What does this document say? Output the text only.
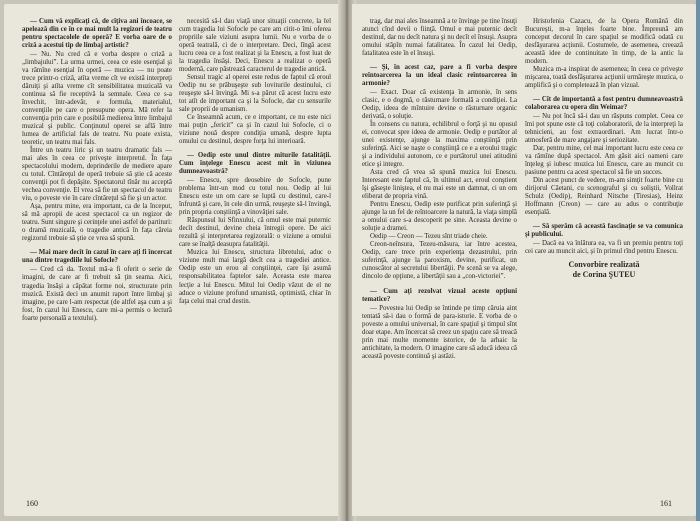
— Cum vă explicaţi că, de cîţiva ani încoace, se apelează din ce în ce mai mult la regizori de teatru pentru spectacolele de operă? E vorba oare de o criză a acestui tip de limbaj artistic?

— Nu. Nu cred că e vorba despre o criză a „limbajului”. La urma urmei, ceea ce este esenţial şi va rămîne esenţial în operă — muzica — nu poate trece printr-o criză, atîta vreme cît ve există interpreţi dăruiţi şi atîta vreme cît sensibilitatea muzicală va continua să fie receptivă la semnale. Ceea ce s-a învechit, într-adevăr, e formula, materialul, convenţiile pe care o presupune opera. Mă refer la convenţia prin care e posibilă medierea între limbajul muzical şi public. Conţinutul operei se află între lumea de artificial fals de teatru. Nu poate exista, teoretic, un teatru mai fals.

Între un teatru liric şi un teatru dramatic fals — mai ales în ceea ce priveşte interpretul. În faţa spectacolului modern, deprinderile de mediere apare cu totul. Cîntăreţul de operă trebuie să ştie că aceste convenţii pot fi depăşite. Spectatorul tînăr nu acceptă vechea convenţie. El vrea să fie un spectacol de teatru viu, o poveste vie în care cîntăreţul să fie şi un actor.

Aşa, pentru mine, era important, ca de la început, să mă apropii de acest spectacol ca un regizor de teatru. Sunt singure şi cerinţele unei astfel de partituri: o dramă muzicală, o tragedie antică în faţa căreia regizorul trebuie să ştie ce vrea să spună.

— Mai mare decît în cazul în care aţi fi încercat una dintre tragediile lui Sofocle?

— Cred că da. Textul mă-a fi oferit o serie de imagini, de care ar fi trebuit să ţin seama. Aici, tragedia însăşi a căpătat forme noi, structurate prin muzică. Există deci un anumit raport între limbaj şi imagine, pe care l-am respectat (de altfel aşa cum a şi fost, în cazul lui Enescu, care mi-a permis o lectură foarte personală a textului).

necesită să-l dau viaţă unor situaţii concrete, la fel cum tragedia lui Sofocle pe care am citit-o îmi oferea propriile sale viziuni asupra lumii. Nu e vorba de o operă teatrală, ci de o interpretare. Deci, lîngă acest lucru ceea ce a fost realizat şi la Enescu, a fost luat de la tragedia însăşi. Deci, Enescu a realizat o operă modernă, care păstrează caracterul de tragedie antică.

Sensul tragic al operei este redus de faptul că eroul Oedip nu se prăbuşeşte sub loviturile destinului, ci reuşeşte să-l învingă. Mi s-a părut că acest lucru este tot atît de important ca şi la Sofocle, dar cu sensurile sale proprii de umanism.

Ce înseamnă acum, ce e important, ce nu este nici mai puţin „fericit” ca şi în cazul lui Sofocle, ci o viziune nouă despre condiţia umană, despre lupta omului cu destinul, despre forţa lui interioară.

— Oedip este unul dintre miturile fatalităţii. Cum înţelege Enescu acest mit în viziunea dumneavoastră?

— Enescu, spre deosebire de Sofocle, pune problema într-un mod cu totul nou. Oedip al lui Enescu este un om care se luptă cu destinul, care-l înfruntă şi care, în cele din urmă, reuşeşte să-l învingă, prin propria conştiinţă a vinovăţiei sale.

Răspunsul lui Sfinxului, că omul este mai puternic decît destinul, devine cheia întregii opere. De aici rezultă şi interpretarea regizorală: o viziune a omului care se înalţă deasupra fatalităţii.

Muzica lui Enescu, structura libretului, aduc o viziune mult mai largă decît cea a tragediei antice. Oedip este un erou al conştiinţei, care îşi asumă responsabilitatea faptelor sale. Aceasta este marea lecţie a lui Enescu. Mitul lui Oedip văzut de el ne aduce o viziune profund umanistă, optimistă, chiar în faţa celui mai crud destin.

160

trag, dar mai ales înseamnă a te învinge pe tine însuţi atunci cînd devii o fiinţă. Omul e mai puternic decît destinul, dar nu decît natura şi nu decît el însuşi. Asupra omului stăpîn numai fatalitatea. În cazul lui Oedip, fatalitatea este în el însuşi.

— Şi, în acest caz, pare a fi vorba despre reîntoarcerea la un ideal clasic reîntoarcerea în armonie?

— Exact. Doar că existenţa în armonie, în sens clasic, e o dogmă, o răsturnare formală a condiţiei. La Oedip, ideea de mîntuire devine o răsturnare organic derivată, o soluţie.

În consens cu natura, echilibrul o forţă şi nu opusul ei, convocat spre ideea de armonie. Oedip e purtător al unei existenţe, ajunge la maxima conştiinţă prin suferinţă. Aici se naşte o conştiinţă ce e a eroului tragic şi a individului autonom, ce e purtătorul unei atitudini etice şi integre.

Asta cred că vrea să spună muzica lui Enescu. Interesant este faptul că, în ultimul act, eroul conştient îşi găseşte liniştea, el nu mai este un damnat, ci un om eliberat de propria vină.

Pentru Enescu, Oedip este purificat prin suferinţă şi ajunge la un fel de reîntoarcere la natură, la viaţa simplă a omului care s-a descoperit pe sine. Aceasta devine o soluţie a dramei.

Oedip — Creon — Tezeu sînt triade cheie.

Creon-neînsura, Tezeu-măsura, iar între acestea, Oedip, care trece prin experienţa dezastrului, prin suferinţă, ajunge la paroxism, devine, purificat, un cunoscător al secretului libertăţii. Pe scenă se va alege, dincolo de opţiune, a libertăţii sau a „con-victoriei”.

— Cum aţi rezolvat vizual aceste opţiuni tematice?

— Povestea lui Oedip se întinde pe timp căruia aint tentată să-i dau o formă de para-istorie. E vorba de o poveste a omului universal, în care spaţiul şi timpul sînt doar etape. Am încercat să creez un spaţiu care să treacă prin mai multe momente istorice, de la arhaic la antichitate, la modern. O imagine care să aducă ideea că această poveste continuă şi astăzi.

Hristofenia Cazacu, de la Opera Română din Bucureşti, m-a înţeles foarte bine. Împreună am conceput decorul în care spaţiul se modifică odată cu desfăşurarea acţiunii. Costumele, de asemenea, creează această idee de continuitate în timp, de la antic la modern.

Muzica m-a inspirat de asemenea; în ceea ce priveşte mişcarea, toată desfăşurarea acţiunii urmăreşte muzica, o amplifică şi o completează în plan vizual.

— Cît de importantă a fost pentru dumneavoastră colaborarea cu opera din Weimar?

— Nu pot încă să-i dau un răspuns complet. Ceea ce îmi pot spune este că toţi colaboratorii, de la interpreţi la tehnicieni, au fost extraordinari. Am lucrat într-o atmosferă de mare angajare şi seriozitate.

Dar, pentru mine, cel mai important lucru este ceea ce va rămîne după spectacol. Am găsit aici oameni care înţeleg şi iubesc muzica lui Enescu, care au muncit cu pasiune pentru ca acest spectacol să fie un succes.

Din acest punct de vedere, m-am simţit foarte bine cu dirijorul Cãetani, cu scenograful şi cu soliştii, Vollrat Schulz (Oedip), Reinhard Nitsche (Tiresias), Heinz Hoffmann (Creon) — care au adus o contribuţie esenţială.

— Să sperăm că această fascinaţie se va comunica şi publicului.

— Dacă ea va înlătura ea, va fi un premiu pentru toţi cei care au muncit aici, şi în primul rînd pentru Enescu.

Convorbire realizată
de Corina ŞUTEU
161
